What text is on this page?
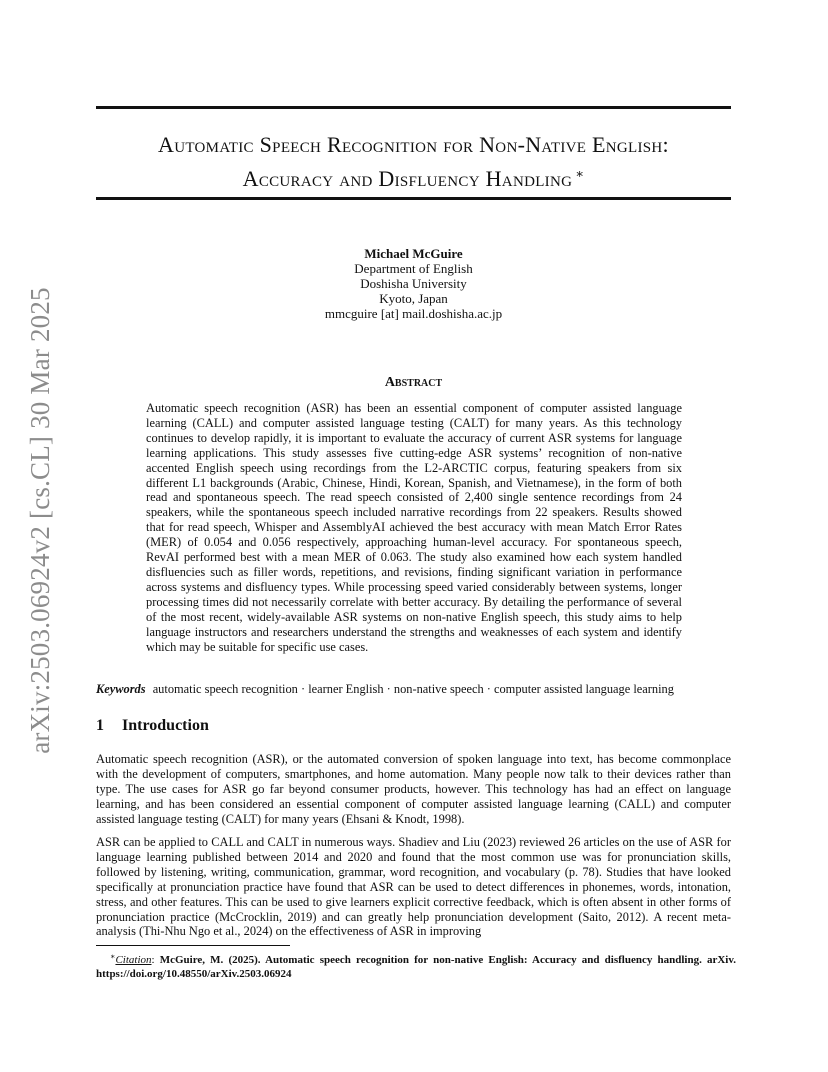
arXiv:2503.06924v2 [cs.CL] 30 Mar 2025
Automatic Speech Recognition for Non-Native English:
Accuracy and Disfluency Handling ∗
Michael McGuire
Department of English
Doshisha University
Kyoto, Japan
mmcguire [at] mail.doshisha.ac.jp
Abstract

Automatic speech recognition (ASR) has been an essential component of computer assisted language learning (CALL) and computer assisted language testing (CALT) for many years. As this technology continues to develop rapidly, it is important to evaluate the accuracy of current ASR systems for language learning applications. This study assesses five cutting-edge ASR systems’ recognition of non-native accented English speech using recordings from the L2-ARCTIC corpus, featuring speakers from six different L1 backgrounds (Arabic, Chinese, Hindi, Korean, Spanish, and Vietnamese), in the form of both read and spontaneous speech. The read speech consisted of 2,400 single sentence recordings from 24 speakers, while the spontaneous speech included narrative recordings from 22 speakers. Results showed that for read speech, Whisper and AssemblyAI achieved the best accuracy with mean Match Error Rates (MER) of 0.054 and 0.056 respectively, approaching human-level accuracy. For spontaneous speech, RevAI performed best with a mean MER of 0.063. The study also examined how each system handled disfluencies such as filler words, repetitions, and revisions, finding significant variation in performance across systems and disfluency types. While processing speed varied considerably between systems, longer processing times did not necessarily correlate with better accuracy. By detailing the performance of several of the most recent, widely-available ASR systems on non-native English speech, this study aims to help language instructors and researchers understand the strengths and weaknesses of each system and identify which may be suitable for specific use cases.

Keywords automatic speech recognition · learner English · non-native speech · computer assisted language learning
1 Introduction

Automatic speech recognition (ASR), or the automated conversion of spoken language into text, has become commonplace with the development of computers, smartphones, and home automation. Many people now talk to their devices rather than type. The use cases for ASR go far beyond consumer products, however. This technology has had an effect on language learning, and has been considered an essential component of computer assisted language learning (CALL) and computer assisted language testing (CALT) for many years (Ehsani & Knodt, 1998).

ASR can be applied to CALL and CALT in numerous ways. Shadiev and Liu (2023) reviewed 26 articles on the use of ASR for language learning published between 2014 and 2020 and found that the most common use was for pronunciation skills, followed by listening, writing, communication, grammar, word recognition, and vocabulary (p. 78). Studies that have looked specifically at pronunciation practice have found that ASR can be used to detect differences in phonemes, words, intonation, stress, and other features. This can be used to give learners explicit corrective feedback, which is often absent in other forms of pronunciation practice (McCrocklin, 2019) and can greatly help pronunciation development (Saito, 2012). A recent meta-analysis (Thi-Nhu Ngo et al., 2024) on the effectiveness of ASR in improving

∗Citation: McGuire, M. (2025). Automatic speech recognition for non-native English: Accuracy and disfluency handling. arXiv. https://doi.org/10.48550/arXiv.2503.06924
